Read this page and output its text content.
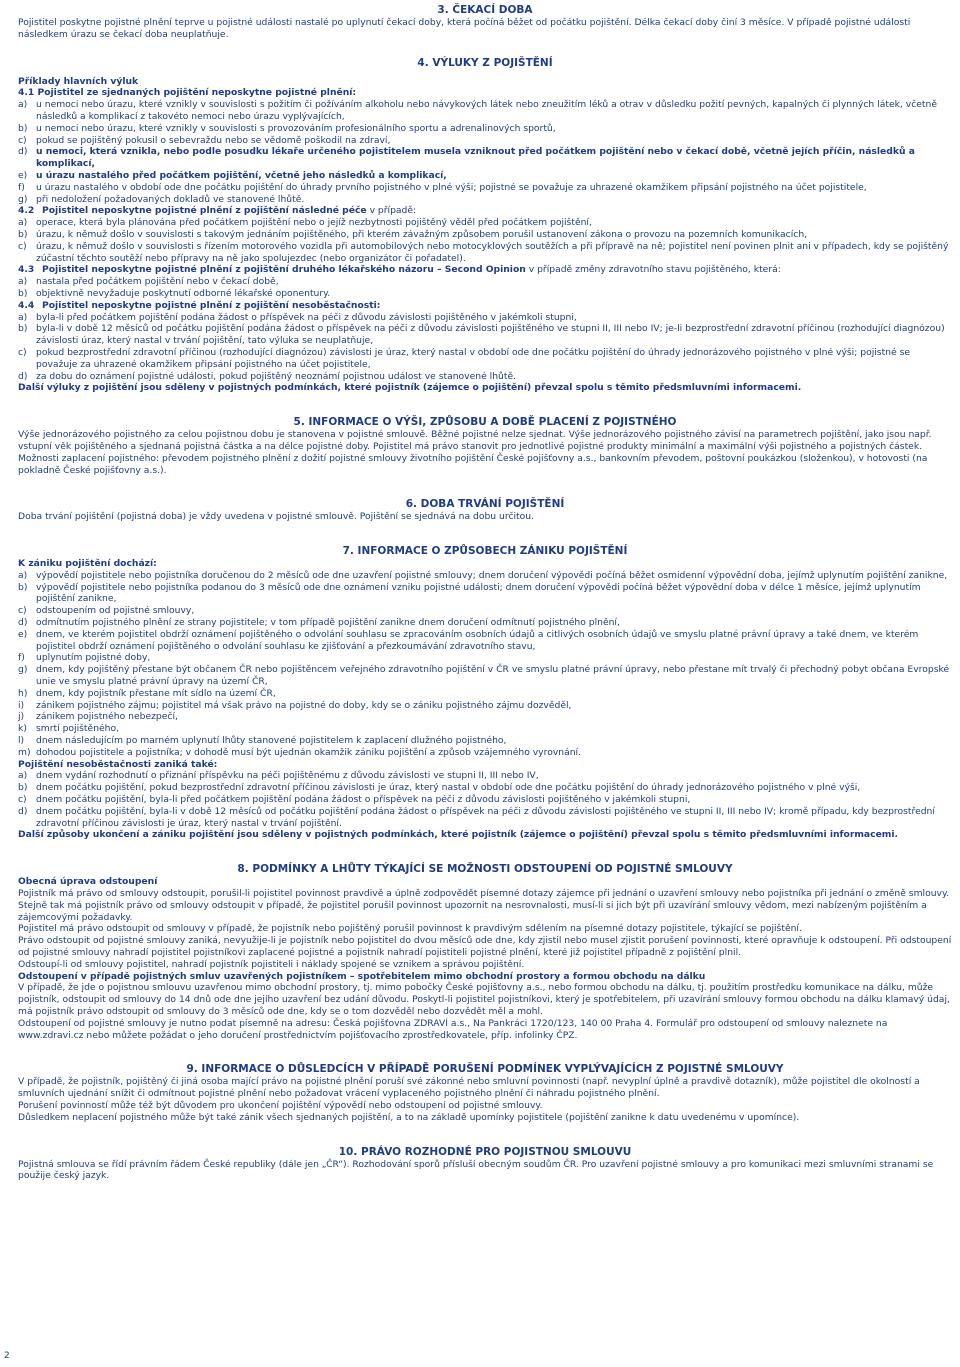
3. ČEKACÍ DOBA

Pojistitel poskytne pojistné plnění teprve u pojistné události nastalé po uplynutí čekací doby, která počíná běžet od počátku pojištění. Délka čekací doby činí 3 měsíce. V případě pojistné události následkem úrazu se čekací doba neuplatňuje.

4. VÝLUKY Z POJIŠTĚNÍ

Příklady hlavních výluk

4.1 Pojistitel ze sjednaných pojištění neposkytne pojistné plnění:

a) u nemoci nebo úrazu, které vznikly v souvislosti s požitím či požíváním alkoholu nebo návykových látek nebo zneužitím léků a otrav v důsledku požití pevných, kapalných či plynných látek, včetně následků a komplikací z takovéto nemoci nebo úrazu vyplývajících,
b) u nemoci nebo úrazu, které vznikly v souvislosti s provozováním profesionálního sportu a adrenalinových sportů,
c)	pokud se pojištěný pokusil o sebevraždu nebo se vědomě poškodil na zdraví,
d) u nemoci, která vznikla, nebo podle posudku lékaře určeného pojistitelem musela vzniknout před počátkem pojištění nebo v čekací době, včetně jejích příčin, následků a komplikací,
e) u úrazu nastalého před počátkem pojištění, včetně jeho následků a komplikací,
f)	u úrazu nastalého v období ode dne počátku pojištění do úhrady prvního pojistného v plné výši; pojistné se považuje za uhrazené okamžikem připsání pojistného na účet pojistitele,
g) při nedoložení požadovaných dokladů ve stanovené lhůtě.
4.2 Pojistitel neposkytne pojistné plnění z pojištění následné péče v případě:
a) operace, která byla plánována před počátkem pojištění nebo o jejíž nezbytnosti pojištěný věděl před počátkem pojištění,
b) úrazu, k němuž došlo v souvislosti s takovým jednáním pojištěného, při kterém závažným způsobem porušil ustanovení zákona o provozu na pozemních komunikacích,
c)	úrazu, k němuž došlo v souvislosti s řízením motorového vozidla při automobilových nebo motocyklových soutěžích a při přípravě na ně; pojistitel není povinen plnit ani v případech, kdy se pojištěný zúčastní těchto soutěží nebo přípravy na ně jako spolujezdec (nebo organizátor či pořadatel).
4.3 Pojistitel neposkytne pojistné plnění z pojištění druhého lékařského názoru – Second Opinion v případě změny zdravotního stavu pojištěného, která:
a) nastala před počátkem pojištění nebo v čekací době,
b) objektivně nevyžaduje poskytnutí odborné lékařské oponentury.
4.4 Pojistitel neposkytne pojistné plnění z pojištění nesoběstačnosti:
a) byla-li před počátkem pojištění podána žádost o příspěvek na péči z důvodu závislosti pojištěného v jakémkoli stupni,
b) byla-li v době 12 měsíců od počátku pojištění podána žádost o příspěvek na péči z důvodu závislosti pojištěného ve stupni II, III nebo IV; je-li bezprostřední zdravotní příčinou (rozhodující diagnózou) závislosti úraz, který nastal v trvání pojištění, tato výluka se neuplatňuje,
c)	pokud bezprostřední zdravotní příčinou (rozhodující diagnózou) závislosti je úraz, který nastal v období ode dne počátku pojištění do úhrady jednorázového pojistného v plné výši; pojistné se považuje za uhrazené okamžikem připsání pojistného na účet pojistitele,
d) za dobu do oznámení pojistné události, pokud pojištěný neoznámí pojistnou událost ve stanovené lhůtě.

Další výluky z pojištění jsou sděleny v pojistných podmínkách, které pojistník (zájemce o pojištění) převzal spolu s těmito předsmluvními informacemi.

5. INFORMACE O VÝŠI, ZPŮSOBU A DOBĚ PLACENÍ Z POJISTNÉHO

Výše jednorázového pojistného za celou pojistnou dobu je stanovena v pojistné smlouvě. Běžné pojistné nelze sjednat. Výše jednorázového pojistného závisí na parametrech pojištění, jako jsou např. vstupní věk pojištěného a sjednaná pojistná částka a na délce pojistné doby. Pojistitel má právo stanovit pro jednotlivé pojistné produkty minimální a maximální výši pojistného a pojistných částek.

Možnosti zaplacení pojistného: převodem pojistného plnění z dožití pojistné smlouvy životního pojištění České pojišťovny a.s., bankovním převodem, poštovní poukázkou (složenkou), v hotovosti (na pokladně České pojišťovny a.s.).

6. DOBA TRVÁNÍ POJIŠTĚNÍ

Doba trvání pojištění (pojistná doba) je vždy uvedena v pojistné smlouvě. Pojištění se sjednává na dobu určitou.

7. INFORMACE O ZPŮSOBECH ZÁNIKU POJIŠTĚNÍ

K zániku pojištění dochází:

a) výpovědí pojistitele nebo pojistníka doručenou do 2 měsíců ode dne uzavření pojistné smlouvy; dnem doručení výpovědi počíná běžet osmidenní výpovědní doba, jejímž uplynutím pojištění zanikne,
b) výpovědí pojistitele nebo pojistníka podanou do 3 měsíců ode dne oznámení vzniku pojistné události; dnem doručení výpovědi počíná běžet výpovědní doba v délce 1 měsíce, jejímž uplynutím pojištění zanikne,
c)	odstoupením od pojistné smlouvy,
d) odmítnutím pojistného plnění ze strany pojistitele; v tom případě pojištění zanikne dnem doručení odmítnutí pojistného plnění,
e) dnem, ve kterém pojistitel obdrží oznámení pojištěného o odvolání souhlasu se zpracováním osobních údajů a citlivých osobních údajů ve smyslu platné právní úpravy a také dnem, ve kterém pojistitel obdrží oznámení pojištěného o odvolání souhlasu ke zjišťování a přezkoumávání zdravotního stavu,
f)	uplynutím pojistné doby,
g) dnem, kdy pojištěný přestane být občanem ČR nebo pojištěncem veřejného zdravotního pojištění v ČR ve smyslu platné právní úpravy, nebo přestane mít trvalý či přechodný pobyt občana Evropské unie ve smyslu platné právní úpravy na území ČR,
h) dnem, kdy pojistník přestane mít sídlo na území ČR,
i)	zánikem pojistného zájmu; pojistitel má však právo na pojistné do doby, kdy se o zániku pojistného zájmu dozvěděl,
j)	zánikem pojistného nebezpečí,
k) smrtí pojištěného,
l)	dnem následujícím po marném uplynutí lhůty stanovené pojistitelem k zaplacení dlužného pojistného,
m) dohodou pojistitele a pojistníka; v dohodě musí být ujednán okamžik zániku pojištění a způsob vzájemného vyrovnání.

Pojištění nesoběstačnosti zaniká také:

a) dnem vydání rozhodnutí o přiznání příspěvku na péči pojištěnému z důvodu závislosti ve stupni II, III nebo IV,
b) dnem počátku pojištění, pokud bezprostřední zdravotní příčinou závislosti je úraz, který nastal v období ode dne počátku pojištění do úhrady jednorázového pojistného v plné výši,
c)	dnem počátku pojištění, byla-li před počátkem pojištění podána žádost o příspěvek na péči z důvodu závislosti pojištěného v jakémkoli stupni,
d) dnem počátku pojištění, byla-li v době 12 měsíců od počátku pojištění podána žádost o příspěvek na péči z důvodu závislosti pojištěného ve stupni II, III nebo IV; kromě případu, kdy bezprostřední zdravotní příčinou závislosti je úraz, který nastal v trvání pojištění.

Další způsoby ukončení a zániku pojištění jsou sděleny v pojistných podmínkách, které pojistník (zájemce o pojištění) převzal spolu s těmito předsmluvními informacemi.

8. PODMÍNKY A LHŮTY TÝKAJÍCÍ SE MOŽNOSTI ODSTOUPENÍ OD POJISTNÉ SMLOUVY

Obecná úprava odstoupení

Pojistník má právo od smlouvy odstoupit, porušil-li pojistitel povinnost pravdivě a úplně zodpovědět písemné dotazy zájemce při jednání o uzavření smlouvy nebo pojistníka při jednání o změně smlouvy. Stejně tak má pojistník právo od smlouvy odstoupit v případě, že pojistitel porušil povinnost upozornit na nesrovnalosti, musí-li si jich být při uzavírání smlouvy vědom, mezi nabízeným pojištěním a zájemcovými požadavky.

Pojistitel má právo odstoupit od smlouvy v případě, že pojistník nebo pojištěný porušil povinnost k pravdivým sdělením na písemné dotazy pojistitele, týkající se pojištění.

Právo odstoupit od pojistné smlouvy zaniká, nevyužije-li je pojistník nebo pojistitel do dvou měsíců ode dne, kdy zjistil nebo musel zjistit porušení povinnosti, které opravňuje k odstoupení. Při odstoupení od pojistné smlouvy nahradí pojistitel pojistníkovi zaplacené pojistné a pojistník nahradí pojistiteli pojistné plnění, které již pojistitel případně z pojištění plnil.

Odstoupí-li od smlouvy pojistitel, nahradí pojistník pojistiteli i náklady spojené se vznikem a správou pojištění.

Odstoupení v případě pojistných smluv uzavřených pojistníkem – spotřebitelem mimo obchodní prostory a formou obchodu na dálku

V případě, že jde o pojistnou smlouvu uzavřenou mimo obchodní prostory, tj. mimo pobočky České pojišťovny a.s., nebo formou obchodu na dálku, tj. použitím prostředku komunikace na dálku, může pojistník, odstoupit od smlouvy do 14 dnů ode dne jejího uzavření bez udání důvodu. Poskytl-li pojistitel pojistníkovi, který je spotřebitelem, při uzavírání smlouvy formou obchodu na dálku klamavý údaj, má pojistník právo odstoupit od smlouvy do 3 měsíců ode dne, kdy se o tom dozvěděl nebo dozvědět měl a mohl.

Odstoupení od pojistné smlouvy je nutno podat písemně na adresu: Česká pojišťovna ZDRAVÍ a.s., Na Pankráci 1720/123, 140 00 Praha 4. Formulář pro odstoupení od smlouvy naleznete na www.zdravi.cz nebo můžete požádat o jeho doručení prostřednictvím pojišťovacího zprostředkovatele, příp. infolinky ČPZ.

9. INFORMACE O DŮSLEDCÍCH V PŘÍPADĚ PORUŠENÍ PODMÍNEK VYPLÝVAJÍCÍCH Z POJISTNÉ SMLOUVY

V případě, že pojistník, pojištěný či jiná osoba mající právo na pojistné plnění poruší své zákonné nebo smluvní povinnosti (např. nevyplní úplně a pravdivě dotazník), může pojistitel dle okolností a smluvních ujednání snížit či odmítnout pojistné plnění nebo požadovat vrácení vyplaceného pojistného plnění či náhradu pojistného plnění.

Porušení povinností může též být důvodem pro ukončení pojištění výpovědí nebo odstoupení od pojistné smlouvy.

Důsledkem neplacení pojistného může být také zánik všech sjednaných pojištění, a to na základě upomínky pojistitele (pojištění zanikne k datu uvedenému v upomínce).

10. PRÁVO ROZHODNÉ PRO POJISTNOU SMLOUVU

Pojistná smlouva se řídí právním řádem České republiky (dále jen „ČR“). Rozhodování sporů přísluší obecným soudům ČR. Pro uzavření pojistné smlouvy a pro komunikaci mezi smluvními stranami se použije český jazyk.

2
